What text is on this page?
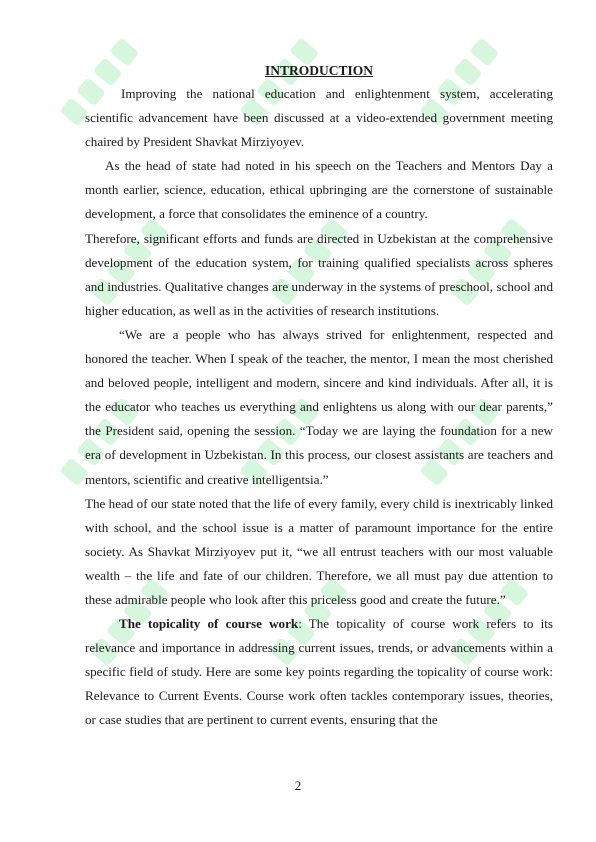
INTRODUCTION

Improving the national education and enlightenment system, accelerating scientific advancement have been discussed at a video-extended government meeting chaired by President Shavkat Mirziyoyev.

As the head of state had noted in his speech on the Teachers and Mentors Day a month earlier, science, education, ethical upbringing are the cornerstone of sustainable development, a force that consolidates the eminence of a country.

Therefore, significant efforts and funds are directed in Uzbekistan at the comprehensive development of the education system, for training qualified specialists across spheres and industries. Qualitative changes are underway in the systems of preschool, school and higher education, as well as in the activities of research institutions.

“We are a people who has always strived for enlightenment, respected and honored the teacher. When I speak of the teacher, the mentor, I mean the most cherished and beloved people, intelligent and modern, sincere and kind individuals. After all, it is the educator who teaches us everything and enlightens us along with our dear parents,” the President said, opening the session. “Today we are laying the foundation for a new era of development in Uzbekistan. In this process, our closest assistants are teachers and mentors, scientific and creative intelligentsia.”

The head of our state noted that the life of every family, every child is inextricably linked with school, and the school issue is a matter of paramount importance for the entire society. As Shavkat Mirziyoyev put it, “we all entrust teachers with our most valuable wealth – the life and fate of our children. Therefore, we all must pay due attention to these admirable people who look after this priceless good and create the future.”

The topicality of course work: The topicality of course work refers to its relevance and importance in addressing current issues, trends, or advancements within a specific field of study. Here are some key points regarding the topicality of course work: Relevance to Current Events. Course work often tackles contemporary issues, theories, or case studies that are pertinent to current events, ensuring that the

2
